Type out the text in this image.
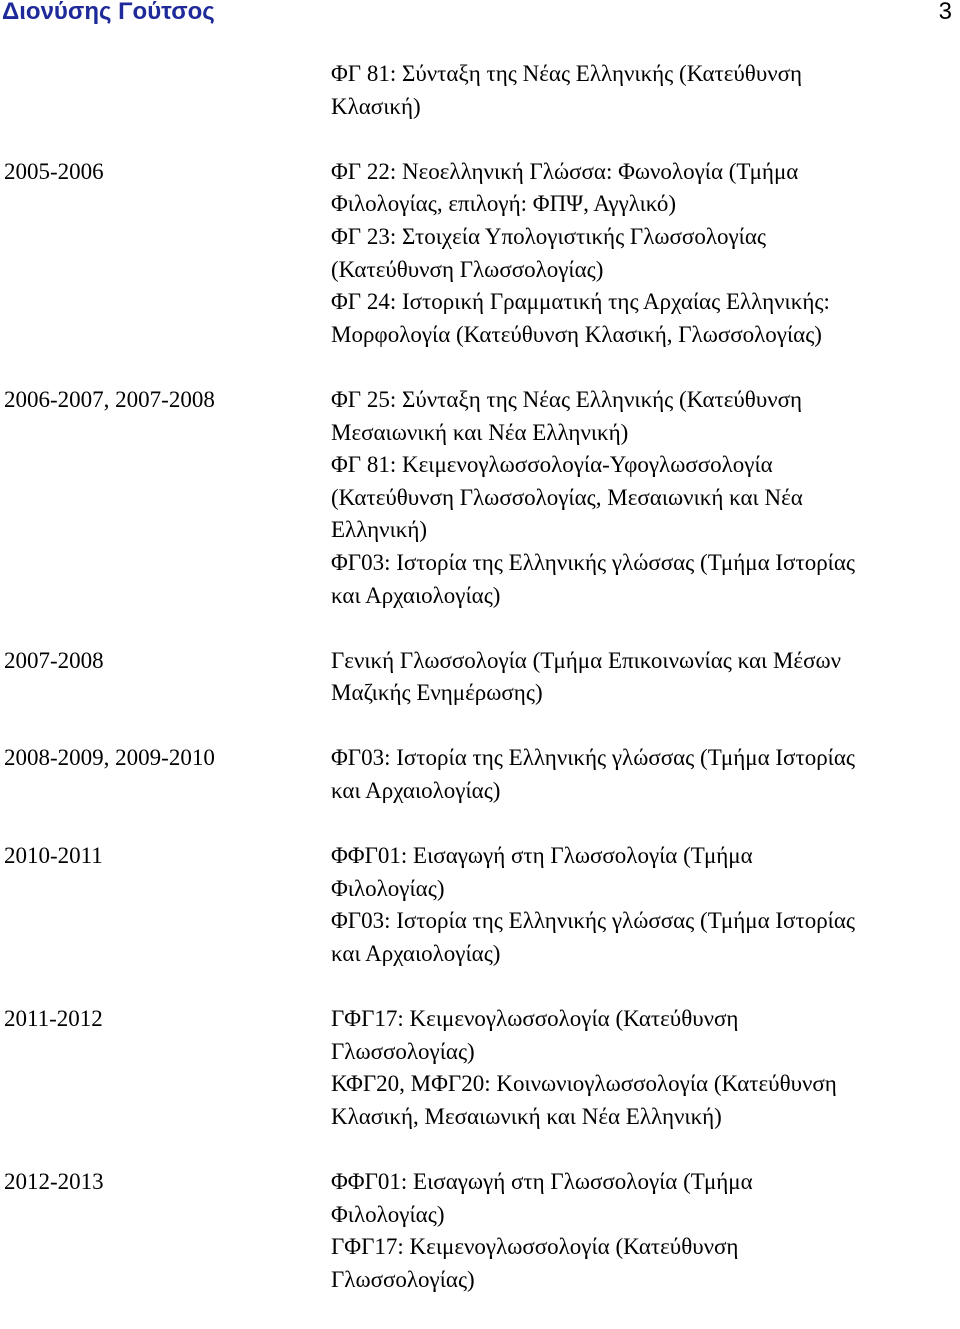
Διονύσης Γούτσος	3
ΦΓ 81: Σύνταξη της Νέας Ελληνικής (Κατεύθυνση
Κλασική)
2005-2006	ΦΓ 22: Νεοελληνική Γλώσσα: Φωνολογία (Τμήμα
Φιλολογίας, επιλογή: ΦΠΨ, Αγγλικό)
ΦΓ 23: Στοιχεία Υπολογιστικής Γλωσσολογίας
(Κατεύθυνση Γλωσσολογίας)
ΦΓ 24: Ιστορική Γραμματική της Αρχαίας Ελληνικής:
Μορφολογία (Κατεύθυνση Κλασική, Γλωσσολογίας)
2006-2007, 2007-2008	ΦΓ 25: Σύνταξη της Νέας Ελληνικής (Κατεύθυνση
Μεσαιωνική και Νέα Ελληνική)
ΦΓ 81: Κειμενογλωσσολογία-Υφογλωσσολογία
(Κατεύθυνση Γλωσσολογίας, Μεσαιωνική και Νέα
Ελληνική)
ΦΓ03: Ιστορία της Ελληνικής γλώσσας (Τμήμα Ιστορίας
και Αρχαιολογίας)
2007-2008	Γενική Γλωσσολογία (Τμήμα Επικοινωνίας και Μέσων
Μαζικής Ενημέρωσης)
2008-2009, 2009-2010	ΦΓ03: Ιστορία της Ελληνικής γλώσσας (Τμήμα Ιστορίας
και Αρχαιολογίας)
2010-2011	ΦΦΓ01: Εισαγωγή στη Γλωσσολογία (Τμήμα
Φιλολογίας)
ΦΓ03: Ιστορία της Ελληνικής γλώσσας (Τμήμα Ιστορίας
και Αρχαιολογίας)
2011-2012	ΓΦΓ17: Κειμενογλωσσολογία (Κατεύθυνση
Γλωσσολογίας)
ΚΦΓ20, ΜΦΓ20: Κοινωνιογλωσσολογία (Κατεύθυνση
Κλασική, Μεσαιωνική και Νέα Ελληνική)
2012-2013	ΦΦΓ01: Εισαγωγή στη Γλωσσολογία (Τμήμα
Φιλολογίας)
ΓΦΓ17: Κειμενογλωσσολογία (Κατεύθυνση
Γλωσσολογίας)
